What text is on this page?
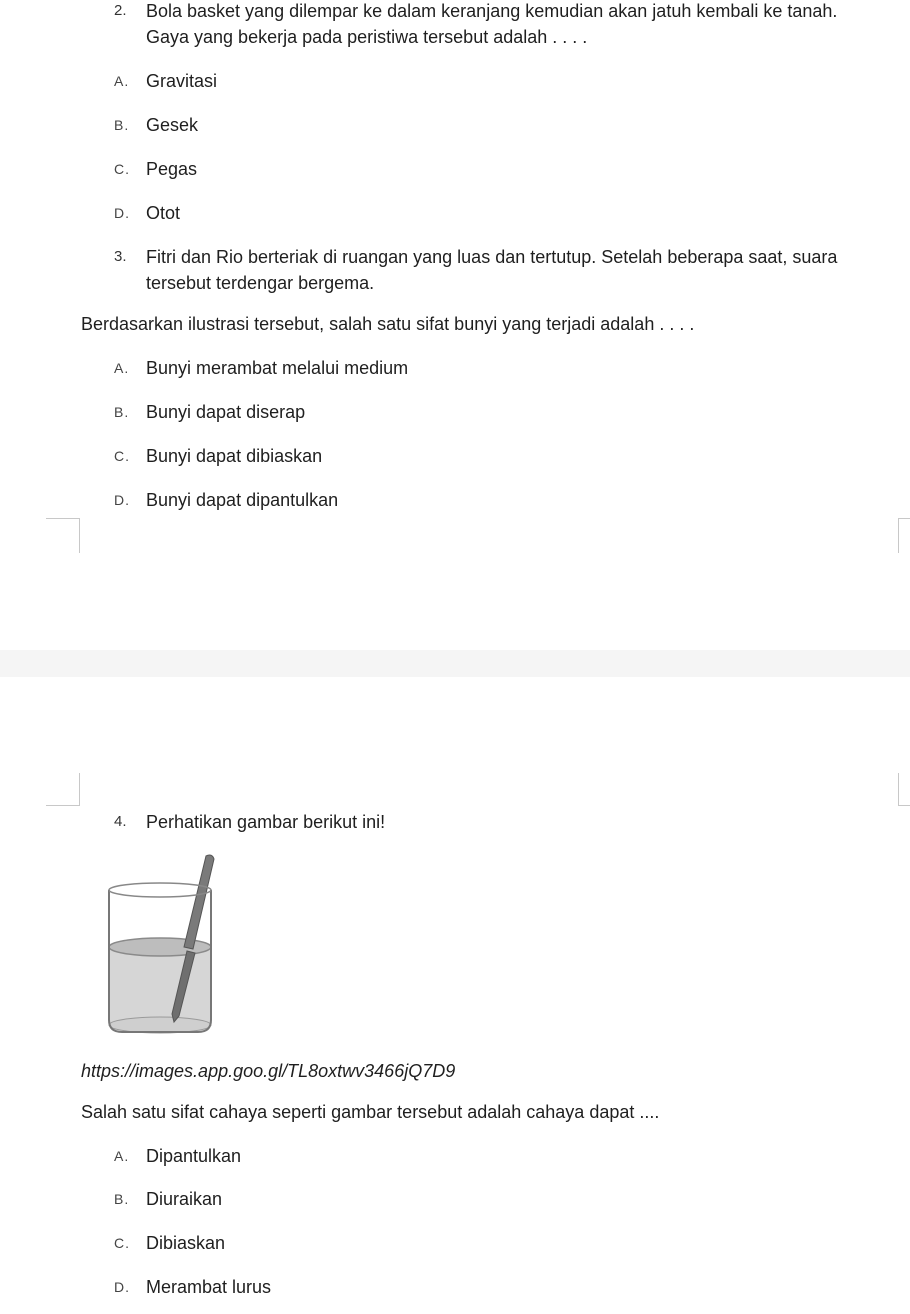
2. Bola basket yang dilempar ke dalam keranjang kemudian akan jatuh kembali ke tanah.
Gaya yang bekerja pada peristiwa tersebut adalah . . . .
A. Gravitasi
B. Gesek
C. Pegas
D. Otot
3. Fitri dan Rio berteriak di ruangan yang luas dan tertutup. Setelah beberapa saat, suara
tersebut terdengar bergema.
Berdasarkan ilustrasi tersebut, salah satu sifat bunyi yang terjadi adalah . . . .
A. Bunyi merambat melalui medium
B. Bunyi dapat diserap
C. Bunyi dapat dibiaskan
D. Bunyi dapat dipantulkan
4. Perhatikan gambar berikut ini!
https://images.app.goo.gl/TL8oxtwv3466jQ7D9
Salah satu sifat cahaya seperti gambar tersebut adalah cahaya dapat ....
A. Dipantulkan
B. Diuraikan
C. Dibiaskan
D. Merambat lurus
